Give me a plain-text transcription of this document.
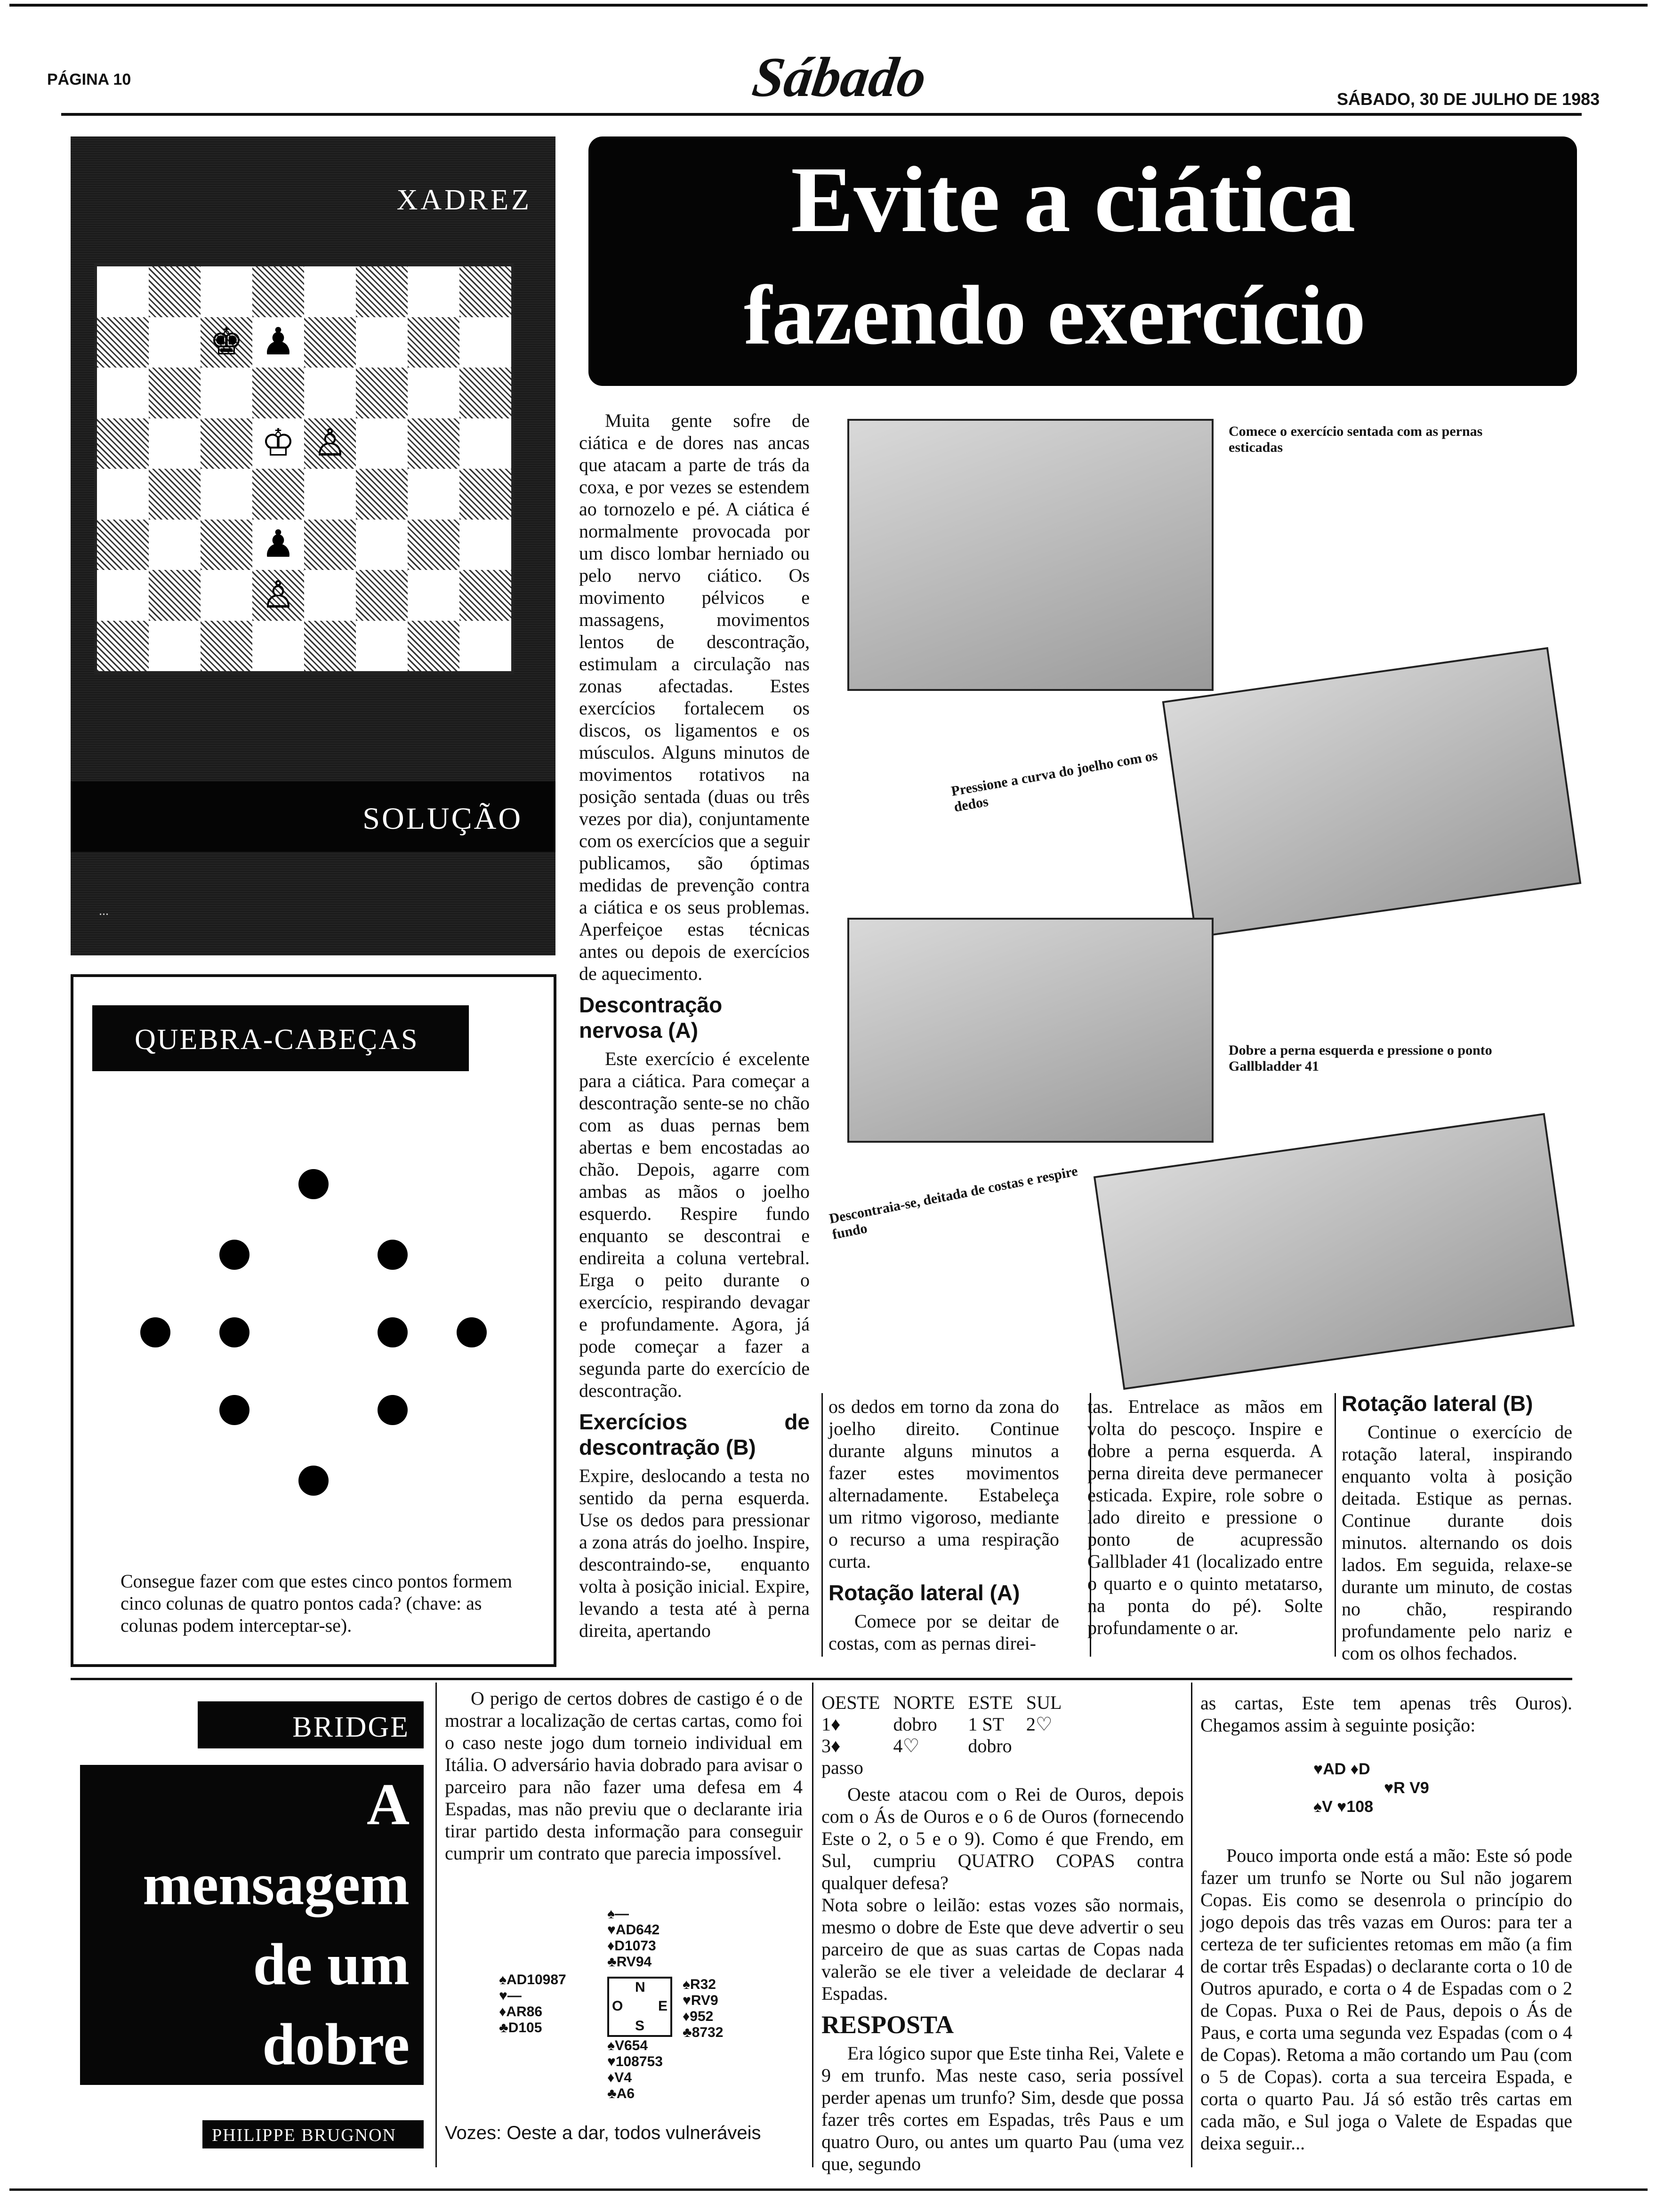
PÁGINA 10	Sábado	SÁBADO, 30 DE JULHO DE 1983
XADREZ
SOLUÇÃO
...
♚ ♟
♔ ♙
♟
♙
Evite a ciática
fazendo exercício

Muita gente sofre de ciática e de dores nas ancas que atacam a parte de trás da coxa, e por vezes se estendem ao tornozelo e pé. A ciática é normalmente provocada por um disco lombar herniado ou pelo nervo ciático. Os movimento pélvicos e massagens, movimentos lentos de descontração, estimulam a circulação nas zonas afectadas. Estes exercícios fortalecem os discos, os ligamentos e os músculos. Alguns minutos de movimentos rotativos na posição sentada (duas ou três vezes por dia), conjuntamente com os exercícios que a seguir publicamos, são óptimas medidas de prevenção contra a ciática e os seus problemas. Aperfeiçoe estas técnicas antes ou depois de exercícios de aquecimento.

Descontração nervosa (A)

Este exercício é excelente para a ciática. Para começar a descontração sente-se no chão com as duas pernas bem abertas e bem encostadas ao chão. Depois, agarre com ambas as mãos o joelho esquerdo. Respire fundo enquanto se descontrai e endireita a coluna vertebral. Erga o peito durante o exercício, respirando devagar e profundamente. Agora, já pode começar a fazer a segunda parte do exercício de descontração.

Exercícios de descontração (B)

Expire, deslocando a testa no sentido da perna esquerda. Use os dedos para pressionar a zona atrás do joelho. Inspire, descontraindo-se, enquanto volta à posição inicial. Expire, levando a testa até à perna direita, apertando

os dedos em torno da zona do joelho direito. Continue durante alguns minutos a fazer estes movimentos alternadamente. Estabeleça um ritmo vigoroso, mediante o recurso a uma respiração curta.
Rotação lateral (A)

Comece por se deitar de costas, com as pernas direi-

tas. Entrelace as mãos em volta do pescoço. Inspire e dobre a perna esquerda. A perna direita deve permanecer esticada. Expire, role sobre o lado direito e pressione o ponto de acupressão Gallblader 41 (localizado entre o quarto e o quinto metatarso, na ponta do pé). Solte profundamente o ar.
Rotação lateral (B)

Continue o exercício de rotação lateral, inspirando enquanto volta à posição deitada. Estique as pernas. Continue durante dois minutos. alternando os dois lados. Em seguida, relaxe-se durante um minuto, de costas no chão, respirando profundamente pelo nariz e com os olhos fechados.

Comece o exercício sentada com as pernas esticadas
Pressione a curva do joelho com os dedos
Dobre a perna esquerda e pressione o ponto Gallbladder 41
Descontraia-se, deitada de costas e respire fundo
QUEBRA-CABEÇAS
Consegue fazer com que estes cinco pontos formem cinco colunas de quatro pontos cada? (chave: as colunas podem interceptar-se).
BRIDGE
A
mensagem
de um
dobre
PHILIPPE BRUGNON

O perigo de certos dobres de castigo é o de mostrar a localização de certas cartas, como foi o caso neste jogo dum torneio individual em Itália. O adversário havia dobrado para avisar o parceiro para não fazer uma defesa em 4 Espadas, mas não previu que o declarante iria tirar partido desta informação para conseguir cumprir um contrato que parecia impossível.

♠—
♥AD642
♦D1073
♣RV94
♠AD10987
♥—
♦AR86
♣D105
♠R32
♥RV9
♦952
♣8732
♠V654
♥108753
♦V4
♣A6
N
O E
S
Vozes: Oeste a dar, todos vulneráveis
OESTE	NORTE	ESTE	SUL
1♦	dobro	1 ST	2♡
3♦	4♡	dobro	
passo			

Oeste atacou com o Rei de Ouros, depois com o Ás de Ouros e o 6 de Ouros (fornecendo Este o 2, o 5 e o 9). Como é que Frendo, em Sul, cumpriu QUATRO COPAS contra qualquer defesa?

Nota sobre o leilão: estas vozes são normais, mesmo o dobre de Este que deve advertir o seu parceiro de que as suas cartas de Copas nada valerão se ele tiver a veleidade de declarar 4 Espadas.

RESPOSTA

Era lógico supor que Este tinha Rei, Valete e 9 em trunfo. Mas neste caso, seria possível perder apenas um trunfo? Sim, desde que possa fazer três cortes em Espadas, três Paus e um quatro Ouro, ou antes um quarto Pau (uma vez que, segundo

as cartas, Este tem apenas três Ouros). Chegamos assim à seguinte posição:

♥AD ♦D
♥R V9
♠V ♥108

Pouco importa onde está a mão: Este só pode fazer um trunfo se Norte ou Sul não jogarem Copas. Eis como se desenrola o princípio do jogo depois das três vazas em Ouros: para ter a certeza de ter suficientes retomas em mão (a fim de cortar três Espadas) o declarante corta o 10 de Outros apurado, e corta o 4 de Espadas com o 2 de Copas. Puxa o Rei de Paus, depois o Ás de Paus, e corta uma segunda vez Espadas (com o 4 de Copas). Retoma a mão cortando um Pau (com o 5 de Copas). corta a sua terceira Espada, e corta o quarto Pau. Já só estão três cartas em cada mão, e Sul joga o Valete de Espadas que deixa seguir...
